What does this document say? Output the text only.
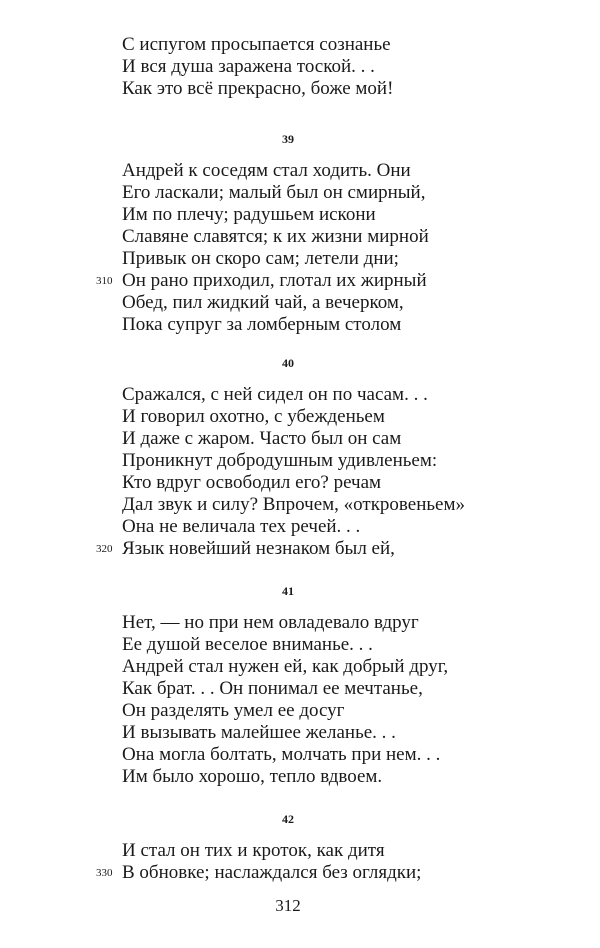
С испугом просыпается сознанье
И вся душа заражена тоской. . .
Как это всё прекрасно, боже мой!
39
Андрей к соседям стал ходить. Они
Его ласкали; малый был он смирный,
Им по плечу; радушьем искони
Славяне славятся; к их жизни мирной
Привык он скоро сам; летели дни;
310 Он рано приходил, глотал их жирный
Обед, пил жидкий чай, а вечерком,
Пока супруг за ломберным столом
40
Сражался, с ней сидел он по часам. . .
И говорил охотно, с убежденьем
И даже с жаром. Часто был он сам
Проникнут добродушным удивленьем:
Кто вдруг освободил его? речам
Дал звук и силу? Впрочем, «откровеньем»
Она не величала тех речей. . .
320 Язык новейший незнаком был ей,
41
Нет, — но при нем овладевало вдруг
Ее душой веселое вниманье. . .
Андрей стал нужен ей, как добрый друг,
Как брат. . . Он понимал ее мечтанье,
Он разделять умел ее досуг
И вызывать малейшее желанье. . .
Она могла болтать, молчать при нем. . .
Им было хорошо, тепло вдвоем.
42
И стал он тих и кроток, как дитя
330 В обновке; наслаждался без оглядки;
312
